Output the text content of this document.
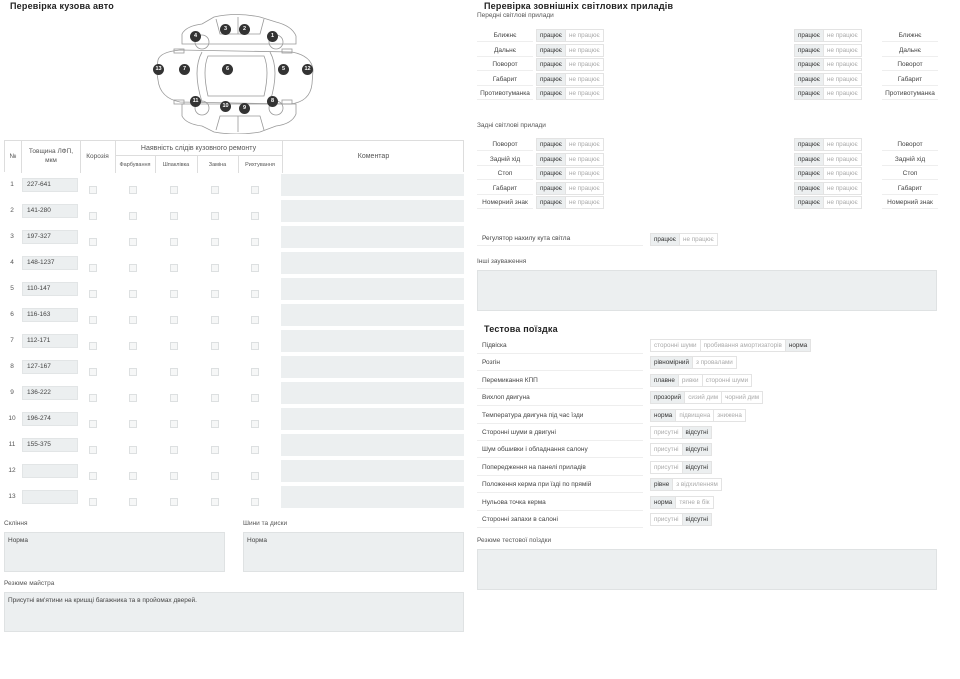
Перевірка кузова авто
1
2
3
4
5
6
7
8
9
10
11
12
13
№
Товщина ЛФП, мкм
Корозія
Наявність слідів кузовного ремонту
Фарбування	Шпаклівка	Заміна	Рихтування
Коментар
1	227-641
2	141-280
3	197-327
4	148-1237
5	110-147
6	116-163
7	112-171
8	127-167
9	136-222
10	196-274
11	155-375
12
13
Скління
Норма
Шини та диски
Норма
Резюме майстра
Присутні вм'ятини на кришці багажника та в пройомах дверей.
Перевірка зовнішніх світлових приладів
Передні світлові прилади
Ближнє	працює	не працює	працює	не працює	Ближнє
Дальнє	працює	не працює	працює	не працює	Дальнє
Поворот	працює	не працює	працює	не працює	Поворот
Габарит	працює	не працює	працює	не працює	Габарит
Противотуманка	працює	не працює	працює	не працює	Противотуманка
Задні світлові прилади
Поворот	працює	не працює	працює	не працює	Поворот
Задній хід	працює	не працює	працює	не працює	Задній хід
Стоп	працює	не працює	працює	не працює	Стоп
Габарит	працює	не працює	працює	не працює	Габарит
Номерний знак	працює	не працює	працює	не працює	Номерний знак
Регулятор нахилу кута світла	працює	не працює
Інші зауваження
Тестова поїздка
Підвіска	сторонні шуми	пробивання амортизаторів	норма
Розгін	рівномірний	з провалами
Перемикання КПП	плавне	ривки	сторонні шуми
Вихлоп двигуна	прозорий	сизий дим	чорний дим
Температура двигуна під час їзди	норма	підвищена	знижена
Сторонні шуми в двигуні	присутні	відсутні
Шум обшивки і обладнання салону	присутні	відсутні
Попередження на панелі приладів	присутні	відсутні
Положення керма при їзді по прямій	рівне	з відхиленням
Нульова точка керма	норма	тягне в бік
Сторонні запахи в салоні	присутні	відсутні
Резюме тестової поїздки
